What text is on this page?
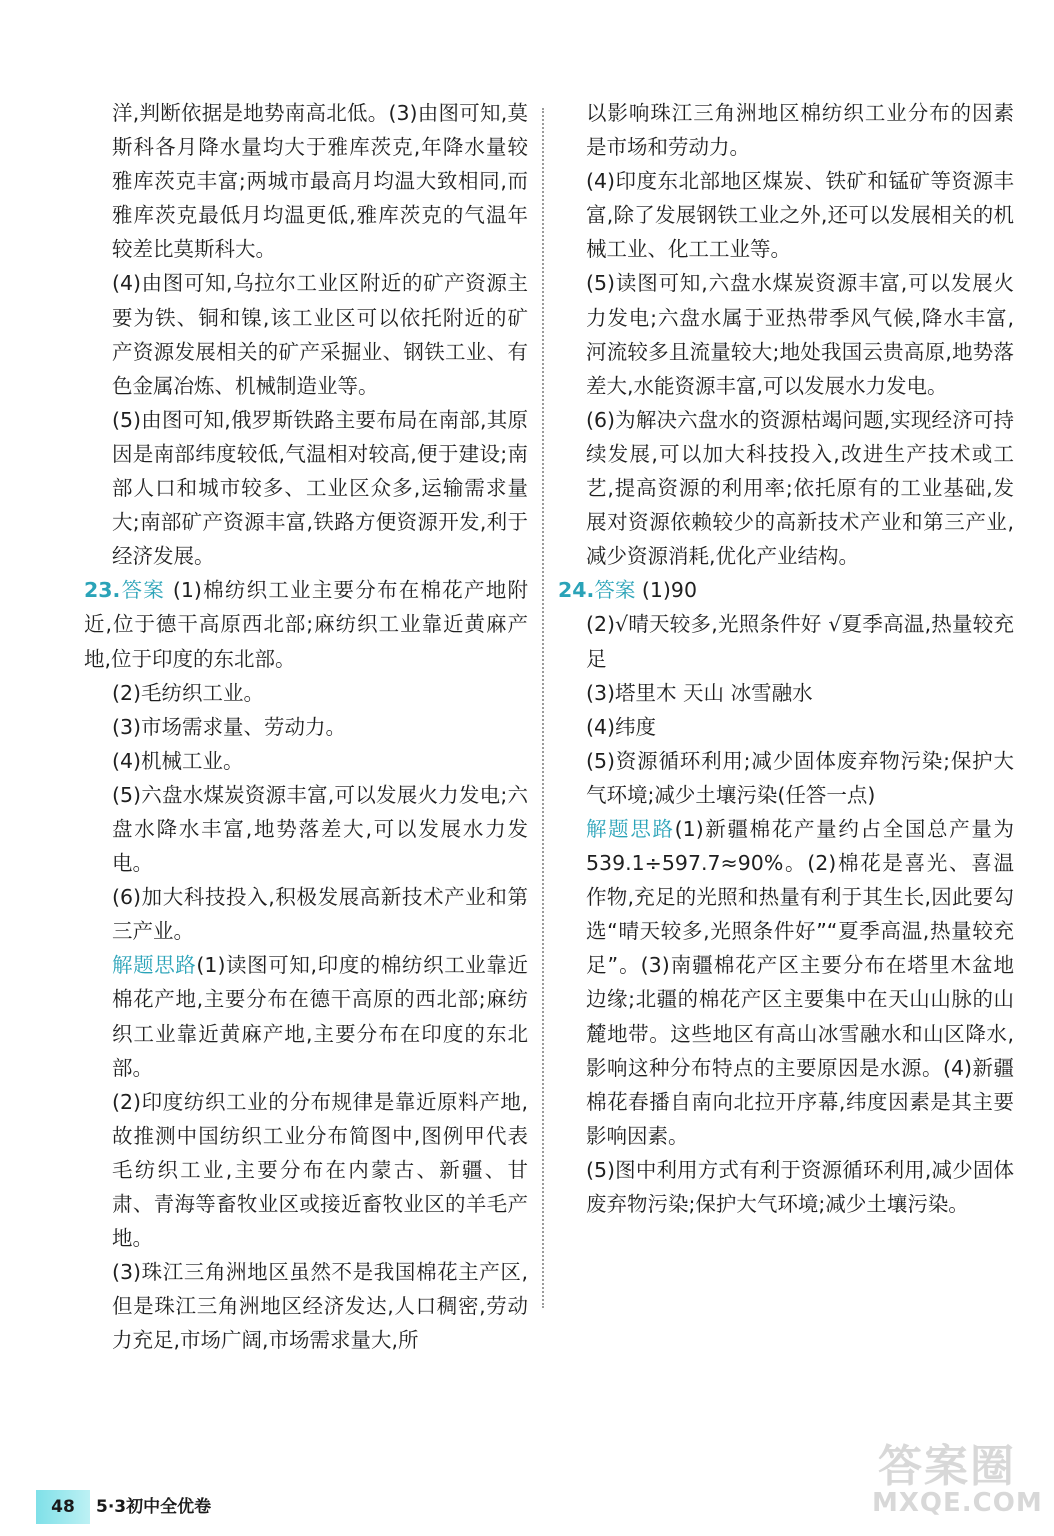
洋,判断依据是地势南高北低。(3)由图可知,莫斯科各月降水量均大于雅库茨克,年降水量较雅库茨克丰富;两城市最高月均温大致相同,而雅库茨克最低月均温更低,雅库茨克的气温年较差比莫斯科大。

(4)由图可知,乌拉尔工业区附近的矿产资源主要为铁、铜和镍,该工业区可以依托附近的矿产资源发展相关的矿产采掘业、钢铁工业、有色金属冶炼、机械制造业等。

(5)由图可知,俄罗斯铁路主要布局在南部,其原因是南部纬度较低,气温相对较高,便于建设;南部人口和城市较多、工业区众多,运输需求量大;南部矿产资源丰富,铁路方便资源开发,利于经济发展。

23.答案 (1)棉纺织工业主要分布在棉花产地附近,位于德干高原西北部;麻纺织工业靠近黄麻产地,位于印度的东北部。

(2)毛纺织工业。

(3)市场需求量、劳动力。

(4)机械工业。

(5)六盘水煤炭资源丰富,可以发展火力发电;六盘水降水丰富,地势落差大,可以发展水力发电。

(6)加大科技投入,积极发展高新技术产业和第三产业。

解题思路(1)读图可知,印度的棉纺织工业靠近棉花产地,主要分布在德干高原的西北部;麻纺织工业靠近黄麻产地,主要分布在印度的东北部。

(2)印度纺织工业的分布规律是靠近原料产地,故推测中国纺织工业分布简图中,图例甲代表毛纺织工业,主要分布在内蒙古、新疆、甘肃、青海等畜牧业区或接近畜牧业区的羊毛产地。

(3)珠江三角洲地区虽然不是我国棉花主产区,但是珠江三角洲地区经济发达,人口稠密,劳动力充足,市场广阔,市场需求量大,所

以影响珠江三角洲地区棉纺织工业分布的因素是市场和劳动力。

(4)印度东北部地区煤炭、铁矿和锰矿等资源丰富,除了发展钢铁工业之外,还可以发展相关的机械工业、化工工业等。

(5)读图可知,六盘水煤炭资源丰富,可以发展火力发电;六盘水属于亚热带季风气候,降水丰富,河流较多且流量较大;地处我国云贵高原,地势落差大,水能资源丰富,可以发展水力发电。

(6)为解决六盘水的资源枯竭问题,实现经济可持续发展,可以加大科技投入,改进生产技术或工艺,提高资源的利用率;依托原有的工业基础,发展对资源依赖较少的高新技术产业和第三产业,减少资源消耗,优化产业结构。

24.答案 (1)90

(2)√晴天较多,光照条件好 √夏季高温,热量较充足

(3)塔里木 天山 冰雪融水

(4)纬度

(5)资源循环利用;减少固体废弃物污染;保护大气环境;减少土壤污染(任答一点)

解题思路(1)新疆棉花产量约占全国总产量为539.1÷597.7≈90%。(2)棉花是喜光、喜温作物,充足的光照和热量有利于其生长,因此要勾选“晴天较多,光照条件好”“夏季高温,热量较充足”。(3)南疆棉花产区主要分布在塔里木盆地边缘;北疆的棉花产区主要集中在天山山脉的山麓地带。这些地区有高山冰雪融水和山区降水,影响这种分布特点的主要原因是水源。(4)新疆棉花春播自南向北拉开序幕,纬度因素是其主要影响因素。

(5)图中利用方式有利于资源循环利用,减少固体废弃物污染;保护大气环境;减少土壤污染。

答案圈
MXQE.COM
48	5·3初中全优卷
